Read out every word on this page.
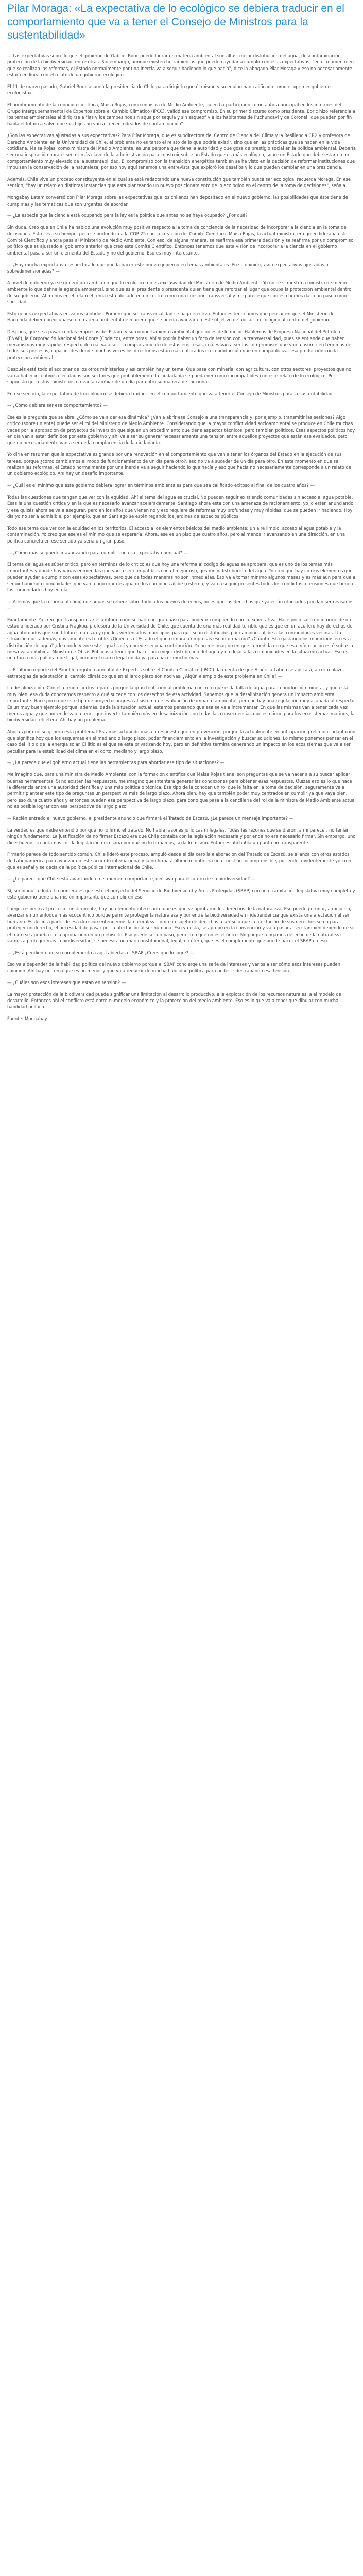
Pilar Moraga: «La expectativa de lo ecológico se debiera traducir en el comportamiento que va a tener el Consejo de Ministros para la sustentabilidad»

— Las expectativas sobre lo que el gobierno de Gabriel Boric puede lograr en materia ambiental son altas: mejor distribución del agua, descontaminación, protección de la biodiversidad, entre otras. Sin embargo, aunque existen herramientas que pueden ayudar a cumplir con esas expectativas, "en el momento en que se realizan las reformas, el Estado normalmente por una inercia va a seguir haciendo lo que hacía", dice la abogada Pilar Moraga y eso no necesariamente estará en línea con el relato de un gobierno ecológico.

El 11 de marzo pasado, Gabriel Boric asumió la presidencia de Chile para dirigir lo que él mismo y su equipo han calificado como el «primer gobierno ecologista».

El nombramiento de la conocida científica, Maisa Rojas, como ministra de Medio Ambiente, quien ha participado como autora principal en los informes del Grupo Intergubernamental de Expertos sobre el Cambio Climático (IPCC), validó ese compromiso. En su primer discurso como presidente, Boric hizo referencia a los temas ambientales al dirigirse a "las y los campesinos sin agua por sequía y sin saqueo" y a los habitantes de Puchuncaví y de Coronel "que pueden por fin habla el futuro a salvo que sus hijos no van a crecer rodeados de contaminación".

¿Son las expectativas ajustadas a sus expectativas? Para Pilar Moraga, que es subdirectora del Centro de Ciencia del Clima y la Resiliencia CR2 y profesora de Derecho Ambiental en la Universidad de Chile, el problema no es tanto el relato de lo que podría existir, sino que en las prácticas que se hacen en la vida cotidiana. Maisa Rojas, como ministra del Medio Ambiente, es una persona que tiene la autoridad y que goza de prestigio social en la política ambiental. Debería ser una inspiración para el sector más clave de la administración para construir sobre un Estado que es más ecológico, sobre un Estado que debe estar en un comportamiento muy elevado de la sustentabilidad. El compromiso con la transición energética también se ha visto en la decisión de reformar instituciones que impulsen la conservación de la naturaleza, por eso hoy aquí tenemos una entrevista que exploró los desafíos y lo que pueden cambiar en una presidencia.

Además, Chile vive un proceso constituyente en el cual se está redactando una nueva constitución que también busca ser ecológica, recuerda Moraga. En ese sentido, "hay un relato en distintas instancias que está planteando un nuevo posicionamiento de lo ecológico en el centro de la toma de decisiones", señala.

Mongabay Latam conversó con Pilar Moraga sobre las expectativas que los chilenos han depositado en el nuevo gobierno, las posibilidades que éste tiene de cumplirlas y las temáticas que son urgentes de abordar.

— ¿La especie que la ciencia está ocupando para la ley es la política que antes no se haya ocupado? ¿Por qué?

Sin duda. Creo que en Chile ha habido una evolución muy positiva respecto a la toma de conciencia de la necesidad de incorporar a la ciencia en la toma de decisiones. Esto lleva su tiempo, pero se profundizó a la COP 25 con la creación del Comité Científico. Maisa Rojas, la actual ministra, era quien lideraba este Comité Científico y ahora pasa al Ministerio de Medio Ambiente. Con eso, de alguna manera, se reafirma esa primera decisión y se reafirma por un compromiso político que es ajustado al gobierno anterior que creó este Comité Científico. Entonces tenemos que esta visión de incorporar a la ciencia en el gobierno ambiental pasa a ser un elemento del Estado y no del gobierno. Eso es muy interesante.

— ¿Hay mucha expectativa respecto a lo que pueda hacer este nuevo gobierno en temas ambientales. En su opinión, ¿son expectativas ajustadas o sobredimensionadas? —

A nivel de gobierno ya se generó un cambio en que lo ecológico no es exclusividad del Ministerio de Medio Ambiente. Yo no sé si mostró a ministra de medio ambiente lo que define la agenda ambiental, sino que es el presidente o presidenta quien tiene que reforzar el lugar que ocupa la protección ambiental dentro de su gobierno. Al menos en el relato el tema está ubicado en un centro como una cuestión transversal y me parece que con eso hemos dado un paso como sociedad.

Esto genera expectativas en varios sentidos. Primero que se transversalidad se haga efectiva. Entonces tendríamos que pensar en que el Ministerio de Hacienda debiera preocuparse en materia ambiental de manera que se pueda avanzar en este objetivo de ubicar lo ecológico al centro del gobierno.

Después, que se a pasar con las empresas del Estado y su comportamiento ambiental que no es de lo mejor. Hablemos de Empresa Nacional del Petróleo (ENAP), la Corporación Nacional del Cobre (Codelco), entre otras. Ahí sí podría haber un foco de tensión con la transversalidad, pues se entiende que haber mecanismos muy rápidos respecto de cuál va a ser el comportamiento de estas empresas, cuáles van a ser los compromisos que van a asumir en términos de todos sus procesos, capacidades donde muchas veces los directorios están más enfocados en la producción que en compatibilizar esa producción con la protección ambiental.

Después está todo el accionar de los otros ministerios y así también hay un tema. Qué pasa con minería, con agricultura, con otros sectores, proyectos que no van a haber incentivos ejecutados son sectores que probablemente la ciudadanía se pueda ver como incompatibles con este relato de lo ecológico. Por supuesto que estos ministerios no van a cambiar de un día para otro su manera de funcionar.

En ese sentido, la expectativa de lo ecológico se debiera traducir en el comportamiento que va a tener el Consejo de Ministros para la sustentabilidad.

— ¿Cómo debiera ser ese comportamiento? —

Ese es la pregunta que se abre. ¿Cómo se va a dar esa dinámica? ¿Van a abrir ese Consejo a una transparencia y, por ejemplo, transmitir las sesiones? Algo crítico (sobre un ente) puede ser el rol del Ministerio de Medio Ambiente. Considerando que la mayor conflictividad socioambiental se produce en Chile muchas veces por la aprobación de proyectos de inversión que siguen un procedimiento que tiene aspectos técnicos, pero también políticos. Esas aspectos políticos hoy en día van a estar definidos por este gobierno y ahí va a ser su generar necesariamente una tensión entre aquellos proyectos que están ese evaluados, pero que no necesariamente van a ser de la complacencia de la ciudadanía.

Yo diría en resumen que la expectativa es grande por una renovación en el comportamiento que van a tener los órganos del Estado en la ejecución de sus tareas, porque ¿cómo cambiamos el modo de funcionamiento de un día para otro?, eso no va a suceder de un día para otro. En este momento en que se realizan las reformas, el Estado normalmente por una inercia va a seguir haciendo lo que hacía y eso que hacía no necesariamente corresponde a un relato de un gobierno ecológico. Ahí hay un desafío importante.

— ¿Cuál es el mínimo que este gobierno debiera lograr en términos ambientales para que sea calificado exitoso al final de los cuatro años? —

Todas las cuestiones que tengan que ver con la equidad. Ahí el tema del agua es crucial. No pueden seguir existiendo comunidades sin acceso al agua potable. Esas la una cuestión crítica y en la que es necesario avanzar aceleradamente. Santiago ahora está con una amenaza de racionamiento, yo lo estén anunciando, y ese quizás ahora se va a asegurar, pero en los años que vienen no y eso requiere de reformas muy profundas y muy rápidas, que se pueden ir haciendo. Hoy día yo no sería admisible, por ejemplo, que en Santiago se estén regando los jardines de espacios públicos.

Todo ese tema que ver con la equidad en los territorios. El acceso a los elementos básicos del medio ambiente: un aire limpio, acceso al agua potable y la contaminación. Yo creo que ese es el mínimo que se esperaría. Ahora, ese es un piso que cuatro años, pero al menos ir avanzando en una dirección, en una política concreta en ese sentido ya sería un gran paso.

— ¿Cómo más se puede ir avanzando para cumplir con esa expectativa puntual? —

El tema del agua es súper crítico, pero en términos de lo crítico es que hoy una reforma al código de aguas se aprobara, que es uno de los temas más importantes y donde hay varias enmiendas que van a ser compatibles con el mejor uso, gestión y distribución del agua. Yo creo que hay ciertos elementos que pueden ayudar a cumplir con esas expectativas, pero que de todas maneras no son inmediatas. Eso va a tomar mínimo algunos meses y es más aún para que a seguir habiendo comunidades que van a procurar de agua de los camiones aljibe (cisterna) y van a seguir presentes todos los conflictos o tensiones que tienen las comunidades hoy en día.

— Además que la reforma al código de aguas se refiere sobre todo a los nuevos derechos, no es que los derechos que ya están otorgados puedan ser revisados. —

Exactamente. Yo creo que transparentarle la información se haría un gran paso para poder ir cumpliendo con lo expectativa. Hace poco salió un informe de un estudio liderado por Cristina Fragkou, profesora de la Universidad de Chile, que cuenta de una más realidad terrible que es que en un acuífero hay derechos de agua otorgados que son titulares no usan y que los vierten a los municipios para que sean distribuidos por camiones aljibe a las comunidades vecinas. Un situación que, además, obviamente es terrible. ¿Quién es el Estado el que compra a empresas ese información? ¿Cuánto está gastando los municipios en esta distribución de agua? ¿de dónde viene este agua?, así ya puede ser una contribución. Yo no me imagino en que la medida en que esa información esté sobre la mesa va a exhibir al Ministro de Obras Públicas a tener que hacer una mejor distribución del agua y no dejar a las comunidades en la situación actual. Ese es una tarea más política que legal, porque el marco legal no da ya para hacer mucho más.

— El último reporte del Panel Intergubernamental de Expertos sobre el Cambio Climático (IPCC) da cuenta de que América Latina se aplicará, a corto plazo, estrategias de adaptación al cambio climático que en el largo plazo son nocivas. ¿Algún ejemplo de este problema en Chile? —

La desalinización. Con ella tengo ciertos reparos porque la gran tentación al problema concreto que es la falta de agua para la producción minera, y que está muy bien, esa duda conocemos respecto a qué sucede con los desechos de esa actividad. Sabemos que la desalinización genera un impacto ambiental importante. Hace poco que este tipo de proyectos ingresa al sistema de evaluación de impacto ambiental, pero no hay una regulación muy acabada al respecto. Es un muy buen ejemplo porque, además, dada la situación actual, estamos pensando que esa se va a incrementar. En que las mismas van a tener cada vez menos agua y que por ende van a tener que invertir también más en desalinización con todas las consecuencias que eso tiene para los ecosistemas marinos, la biodiversidad, etcétera. Ahí hay un problema.

Ahora ¿por qué se genera esta problema? Estamos actuando más en respuesta que en prevención, porque la actualmente en anticipación preliminar adaptación que significa hoy que los esquemas en el mediano o largo plazo, poder financiamiento en la investigación y buscar soluciones. Lo mismo ponemos pensar en el caso del litio o de la energía solar. El litio es el que se está privatizando hoy, pero en definitiva termina generando un impacto en los ecosistemas que va a ser peculiar para la estabilidad del clima en el corto, mediano y largo plazo.

— ¿La parece que el gobierno actual tiene las herramientas para abordar ese tipo de situaciones? —

Me imagino que, para una ministra de Medio Ambiente, con la formación científica que Maisa Rojas tiene, son preguntas que se va hacer a a su buscar aplicar buenas herramientas. Si no existen las respuestas, me imagino que intentará generar las condiciones para obtener esas respuestas. Quizás eso es lo que hace la diferencia entre una autoridad científica y una más política o técnica. Ese tipo de la conocen un rol que le falta en la toma de decisión, seguramente va a permitir plantear este tipo de preguntas un perspectiva más de largo plazo. Ahora bien, hay que también poder muy centrados en cumplir ya que vaya bien, pero eso dura cuatro años y entonces pueden esa perspectiva de largo plazo, para cono que pasa a la cancillería del rol de la ministra de Medio Ambiente actual no es posible lograr con esa perspectiva de largo plazo.

— Recién entrado el nuevo gobierno, el presidente anunció que firmará el Tratado de Escazú. ¿Le parece un mensaje importante? —

La verdad es que nadie entendió por qué no lo firmó el tratado. No había razones jurídicas ni legales. Todas las razones que se dieron, a mi parecer, no tenían ningún fundamento. La justificación de no firmar Escazú era que Chile contaba con la legislación necesaria y por ende no era necesario firmar. Sin embargo, uno dice: bueno, si contamos con la legislación necesaria por qué no lo firmamos, si da lo mismo. Entonces ahí había un punto no transparente.

Firmarlo parece de todo sentido común. Chile lideró este proceso, ampuló desde el día cero la elaboración del Tratado de Escazú, se alianza con otros estados de Latinoamérica para avanzar en este acuerdo internacional y la no firma a último minuto era una cuestión incomprensible, por ende, evidentemente yo creo que es señal y se decía de la política pública internacional de Chile.

— ¿Le parece que Chile está avanzando en el momento importante, decisivo para el futuro de su biodiversidad? —

Sí, sin ninguna duda. La primera es que esté el proyecto del Servicio de Biodiversidad y Áreas Protegidas (SBAP) con una tramitación legislativa muy completa y este gobierno tiene una misión importante que cumplir en eso.

Luego, respecto al proceso constituyente, hay un elemento interesante que es que se aprobaron los derechos de la naturaleza. Eso puede permitir, a mi juicio, avanzar en un enfoque más ecocéntrico porque permite proteger la naturaleza y por entre la biodiversidad en independencia que exista una afectación al ser humano. Es decir, a partir de esa decisión entendemos la naturaleza como un sujeto de derechos a ser sólo que la afectación de sus derechos se da para proteger un derecho, el necesidad de pasar por la afectación al ser humano. Eso ya está, se aprobó en la convención y va a pasar a ser: también depende de si el texto se aprueba en la aprobación en un plebiscito. Eso puede ser un paso, pero creo que no es el único. No porque tengamos derecho de la naturaleza vamos a proteger más la biodiversidad, se necesita un marco institucional, legal, etcétera, que es el complemento que puede hacer el SBAP en eso.

— ¿Está pendiente de su complemento a aquí abiertas el SBAP ¿Crees que lo logre? —

Eso va a depender de la habilidad política del nuevo gobierno porque el SBAP concierge una serie de intereses y varios a ser cómo esos intereses pueden coincidir. Ahí hay un tema que es no menor y que va a requerir de mucha habilidad política para poder ir destrabando esa tensión.

— ¿Cuáles son esos intereses que están en tensión? —

La mayor protección de la biodiversidad puede significar una limitación al desarrollo productivo, a la explotación de los recursos naturales, a el modelo de desarrollo. Entonces ahí el conflicto está entre el modelo económico y la protección del medio ambiente. Eso es lo que va a tener que dibujar con mucha habilidad política.

Fuente: Mongabay
